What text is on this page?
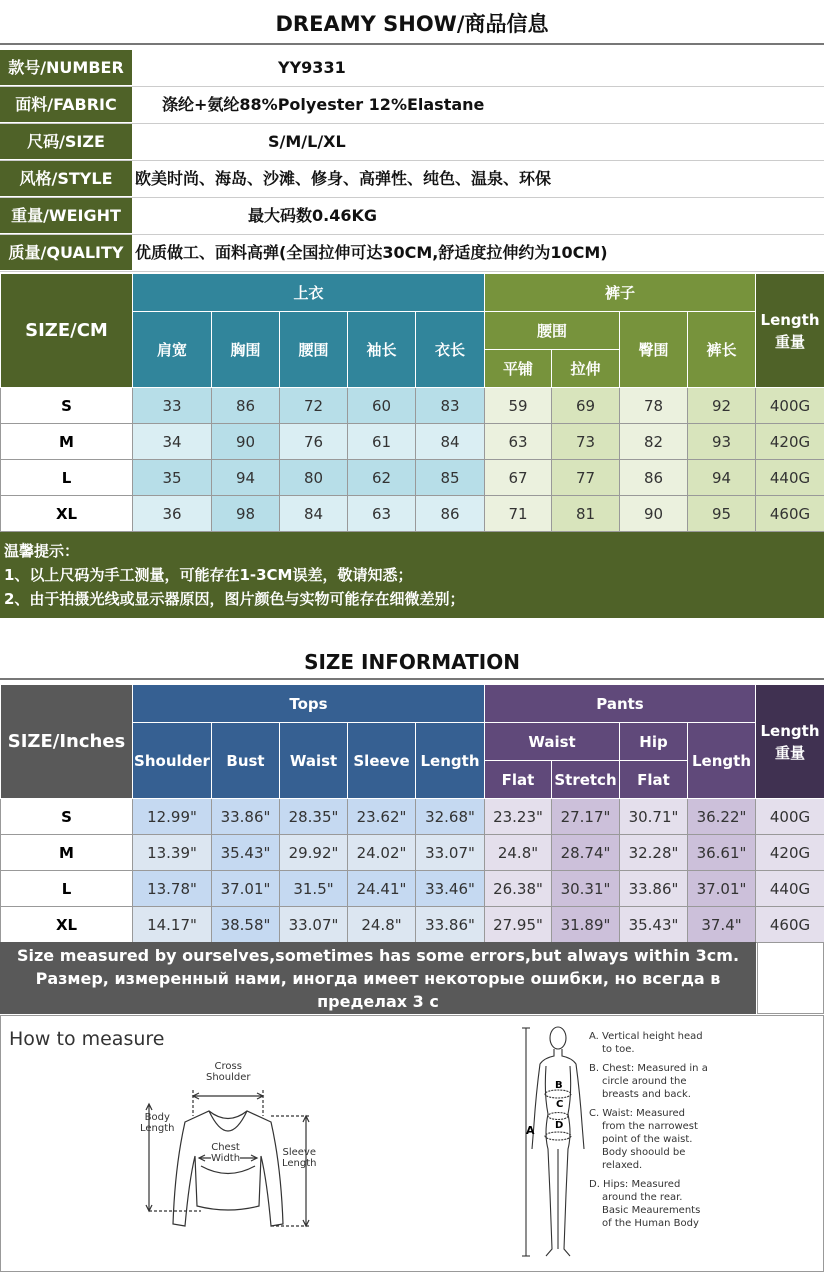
DREAMY SHOW/商品信息
款号/NUMBER	YY9331
面料/FABRIC	涤纶+氨纶88%Polyester 12%Elastane
尺码/SIZE	S/M/L/XL
风格/STYLE	欧美时尚、海岛、沙滩、修身、高弹性、纯色、温泉、环保
重量/WEIGHT	最大码数0.46KG
质量/QUALITY 优质做工、面料高弹(全国拉伸可达30CM,舒适度拉伸约为10CM)
SIZE/CM	上衣					裤子				Length
重量
	肩宽	胸围	腰围	袖长	衣长	腰围		臀围	裤长	
						平铺	拉伸			
S	33	86	72	60	83	59	69	78	92	400G
M	34	90	76	61	84	63	73	82	93	420G
L	35	94	80	62	85	67	77	86	94	440G
XL	36	98	84	63	86	71	81	90	95	460G
温馨提示：
1、以上尺码为手工测量，可能存在1-3CM误差，敬请知悉；
2、由于拍摄光线或显示器原因，图片颜色与实物可能存在细微差别；
SIZE INFORMATION
SIZE/Inches	Tops					Pants				Length
重量
	Shoulder	Bust	Waist	Sleeve	Length	Waist		Hip	Length	
						Flat	Stretch	Flat		
S	12.99"	33.86"	28.35"	23.62"	32.68"	23.23"	27.17"	30.71"	36.22"	400G
M	13.39"	35.43"	29.92"	24.02"	33.07"	24.8"	28.74"	32.28"	36.61"	420G
L	13.78"	37.01"	31.5"	24.41"	33.46"	26.38"	30.31"	33.86"	37.01"	440G
XL	14.17"	38.58"	33.07"	24.8"	33.86"	27.95"	31.89"	35.43"	37.4"	460G
Size measured by ourselves,sometimes has some errors,but always within 3cm.
Размер, измеренный нами, иногда имеет некоторые ошибки, но всегда в пределах 3 с
How to measure
Cross
Shoulder
Body
Length
Chest
Width
Sleeve
Length
B
C
D
A
A. Vertical height head
to toe.
B. Chest: Measured in a
circle around the
breasts and back.
C. Waist: Measured
from the narrowest
point of the waist.
Body shoould be
relaxed.
D. Hips: Measured
around the rear.
Basic Meaurements
of the Human Body
